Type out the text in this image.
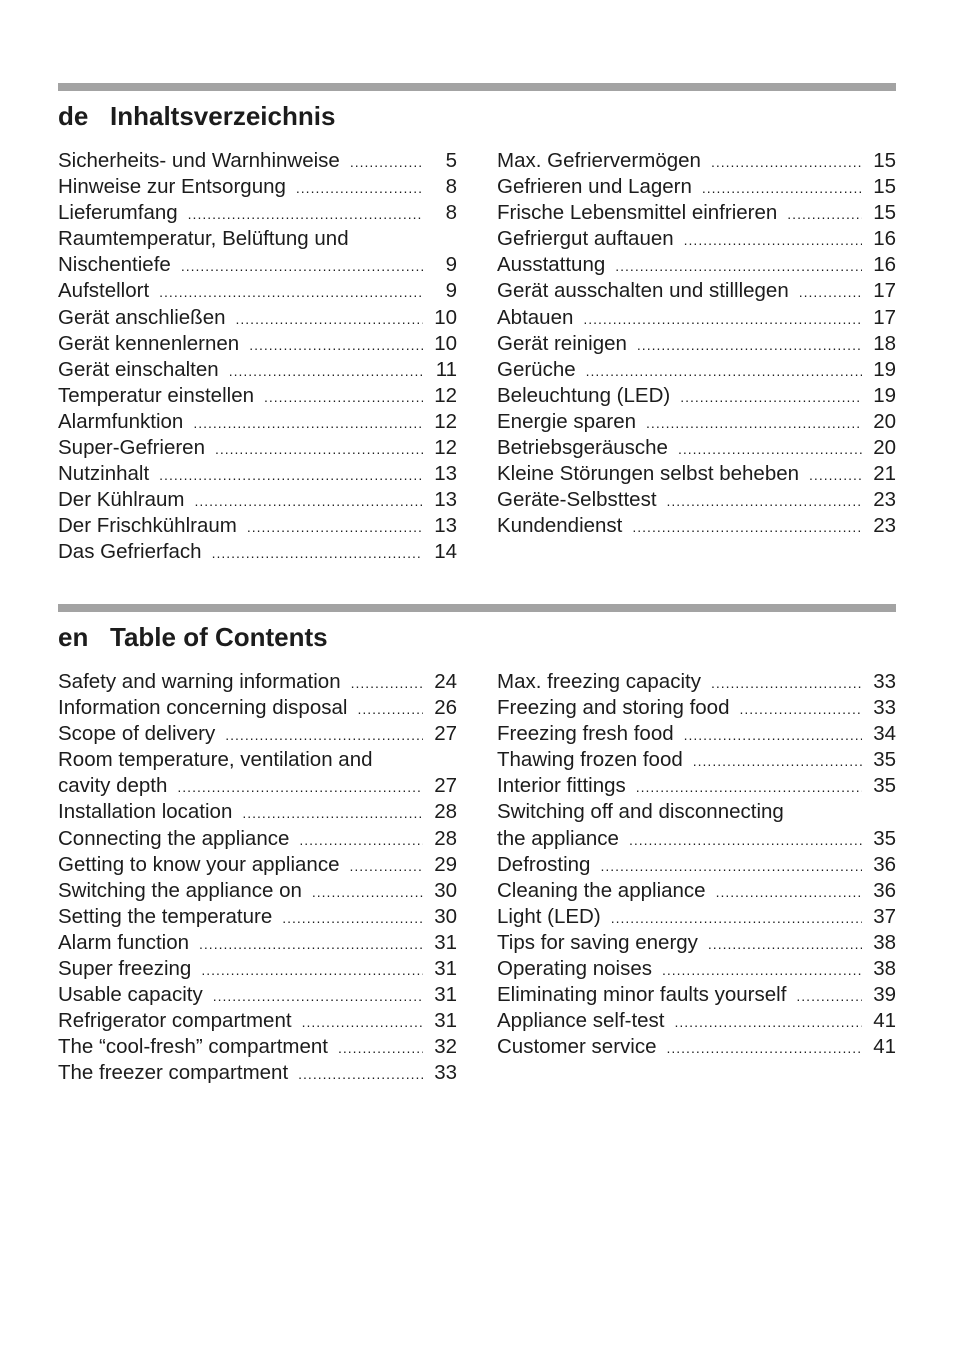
de Inhaltsverzeichnis
Sicherheits- und Warnhinweise .....	5
Hinweise zur Entsorgung .....	8
Lieferumfang .....	8
Raumtemperatur, Belüftung und
Nischentiefe .....	9
Aufstellort .....	9
Gerät anschließen .....	10
Gerät kennenlernen .....	10
Gerät einschalten .....	11
Temperatur einstellen .....	12
Alarmfunktion .....	12
Super-Gefrieren .....	12
Nutzinhalt .....	13
Der Kühlraum .....	13
Der Frischkühlraum .....	13
Das Gefrierfach .....	14
Max. Gefriervermögen .....	15
Gefrieren und Lagern .....	15
Frische Lebensmittel einfrieren .....	15
Gefriergut auftauen .....	16
Ausstattung .....	16
Gerät ausschalten und stilllegen .....	17
Abtauen .....	17
Gerät reinigen .....	18
Gerüche .....	19
Beleuchtung (LED) .....	19
Energie sparen .....	20
Betriebsgeräusche .....	20
Kleine Störungen selbst beheben .....	21
Geräte-Selbsttest .....	23
Kundendienst .....	23
en Table of Contents
Safety and warning information .....	24
Information concerning disposal .....	26
Scope of delivery .....	27
Room temperature, ventilation and
cavity depth .....	27
Installation location .....	28
Connecting the appliance .....	28
Getting to know your appliance .....	29
Switching the appliance on .....	30
Setting the temperature .....	30
Alarm function .....	31
Super freezing .....	31
Usable capacity .....	31
Refrigerator compartment .....	31
The “cool-fresh” compartment .....	32
The freezer compartment .....	33
Max. freezing capacity .....	33
Freezing and storing food .....	33
Freezing fresh food .....	34
Thawing frozen food .....	35
Interior fittings .....	35
Switching off and disconnecting
the appliance .....	35
Defrosting .....	36
Cleaning the appliance .....	36
Light (LED) .....	37
Tips for saving energy .....	38
Operating noises .....	38
Eliminating minor faults yourself .....	39
Appliance self-test .....	41
Customer service .....	41
